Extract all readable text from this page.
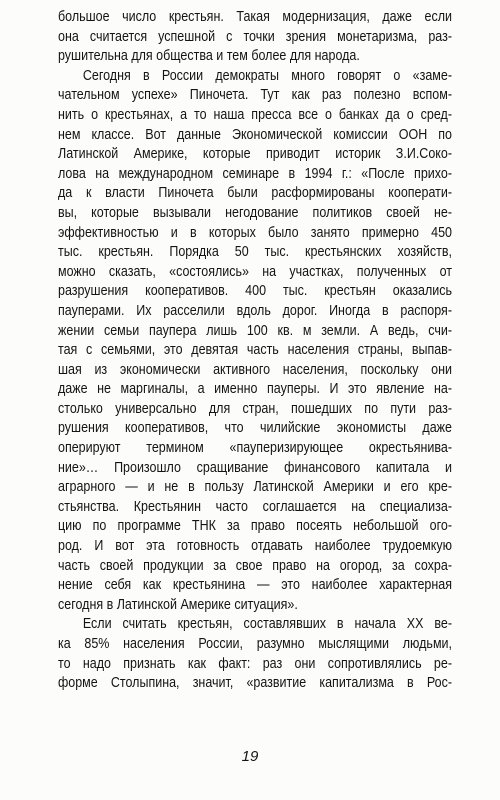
большое число крестьян. Такая модернизация, даже если
она считается успешной с точки зрения монетаризма, раз-
рушительна для общества и тем более для народа.
Сегодня в России демократы много говорят о «заме-
чательном успехе» Пиночета. Тут как раз полезно вспом-
нить о крестьянах, а то наша пресса все о банках да о сред-
нем классе. Вот данные Экономической комиссии ООН по
Латинской Америке, которые приводит историк З.И.Соко-
лова на международном семинаре в 1994 г.: «После прихо-
да к власти Пиночета были расформированы кооперати-
вы, которые вызывали негодование политиков своей не-
эффективностью и в которых было занято примерно 450
тыс. крестьян. Порядка 50 тыс. крестьянских хозяйств,
можно сказать, «состоялись» на участках, полученных от
разрушения кооперативов. 400 тыс. крестьян оказались
пауперами. Их расселили вдоль дорог. Иногда в распоря-
жении семьи паупера лишь 100 кв. м земли. А ведь, счи-
тая с семьями, это девятая часть населения страны, выпав-
шая из экономически активного населения, поскольку они
даже не маргиналы, а именно пауперы. И это явление на-
столько универсально для стран, пошедших по пути раз-
рушения кооперативов, что чилийские экономисты даже
оперируют термином «пауперизирующее окрестьянива-
ние»… Произошло сращивание финансового капитала и
аграрного — и не в пользу Латинской Америки и его кре-
стьянства. Крестьянин часто соглашается на специализа-
цию по программе ТНК за право посеять небольшой ого-
род. И вот эта готовность отдавать наиболее трудоемкую
часть своей продукции за свое право на огород, за сохра-
нение себя как крестьянина — это наиболее характерная
сегодня в Латинской Америке ситуация».
Если считать крестьян, составлявших в начала XX ве-
ка 85% населения России, разумно мыслящими людьми,
то надо признать как факт: раз они сопротивлялись ре-
форме Столыпина, значит, «развитие капитализма в Рос-
19
